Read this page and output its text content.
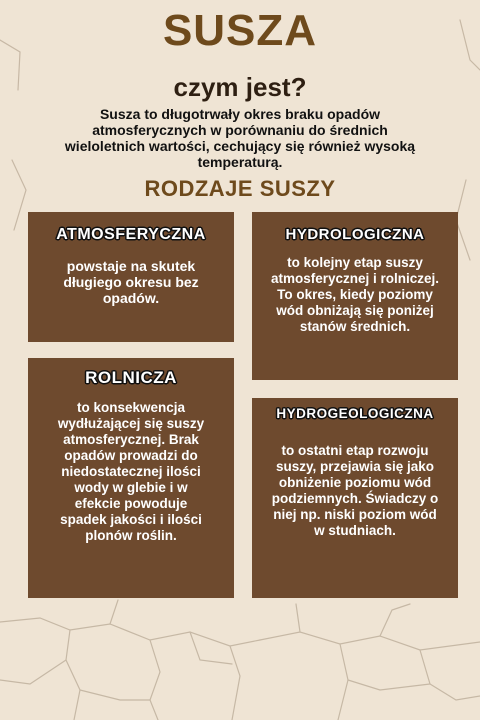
SUSZA
czym jest?
Susza to długotrwały okres braku opadów atmosferycznych w porównaniu do średnich wieloletnich wartości, cechujący się również wysoką temperaturą.
RODZAJE SUSZY
ATMOSFERYCZNA
powstaje na skutek długiego okresu bez opadów.
HYDROLOGICZNA
to kolejny etap suszy atmosferycznej i rolniczej. To okres, kiedy poziomy wód obniżają się poniżej stanów średnich.
ROLNICZA
to konsekwencja wydłużającej się suszy atmosferycznej. Brak opadów prowadzi do niedostatecznej ilości wody w glebie i w efekcie powoduje spadek jakości i ilości plonów roślin.
HYDROGEOLOGICZNA
to ostatni etap rozwoju suszy, przejawia się jako obniżenie poziomu wód podziemnych. Świadczy o niej np. niski poziom wód w studniach.
